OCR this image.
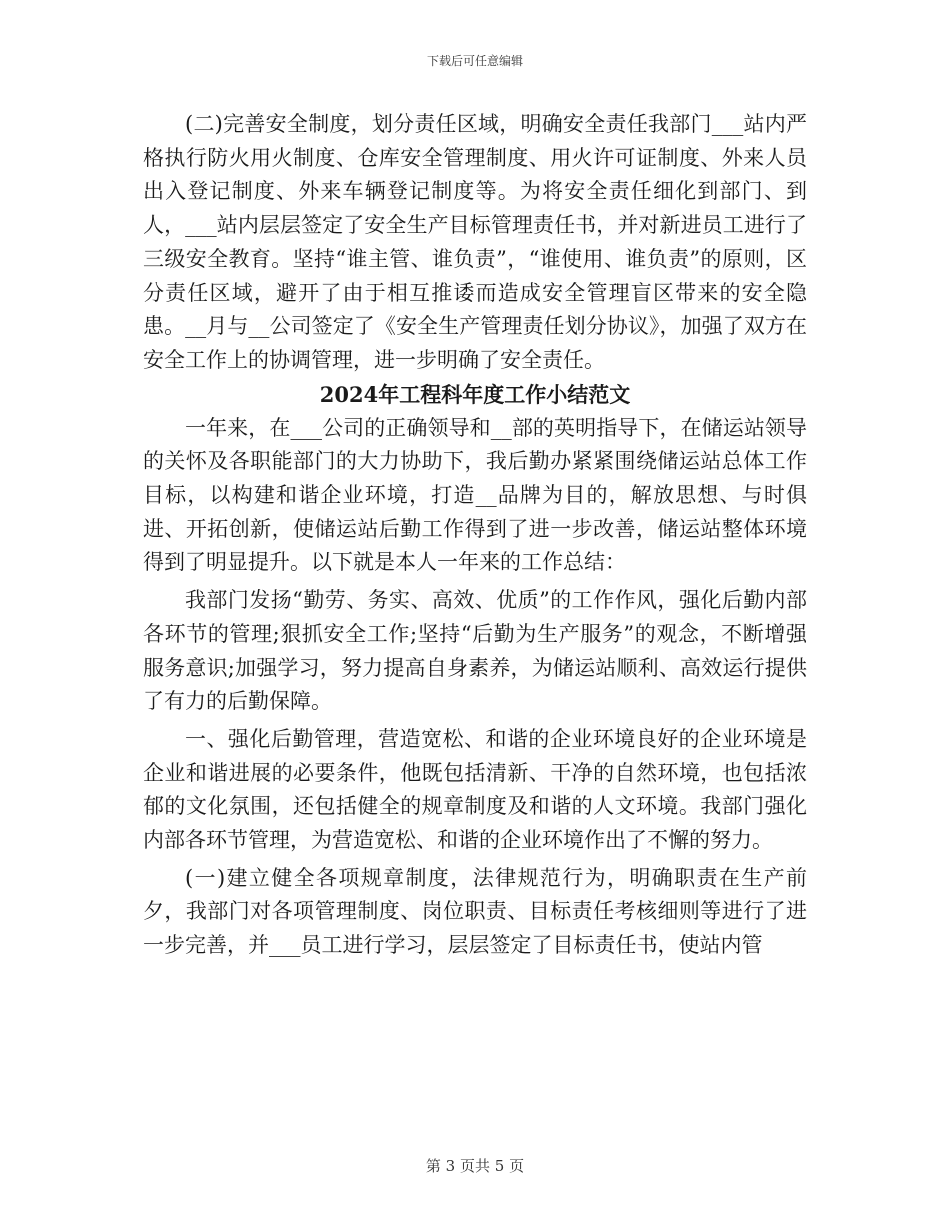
下载后可任意编辑

(二)完善安全制度，划分责任区域，明确安全责任我部门___站内严格执行防火用火制度、仓库安全管理制度、用火许可证制度、外来人员出入登记制度、外来车辆登记制度等。为将安全责任细化到部门、到人，___站内层层签定了安全生产目标管理责任书，并对新进员工进行了三级安全教育。坚持“谁主管、谁负责”，“谁使用、谁负责”的原则，区分责任区域，避开了由于相互推诿而造成安全管理盲区带来的安全隐患。__月与__公司签定了《安全生产管理责任划分协议》，加强了双方在安全工作上的协调管理，进一步明确了安全责任。

2024年工程科年度工作小结范文

一年来，在___公司的正确领导和__部的英明指导下，在储运站领导的关怀及各职能部门的大力协助下，我后勤办紧紧围绕储运站总体工作目标，以构建和谐企业环境，打造__品牌为目的，解放思想、与时俱进、开拓创新，使储运站后勤工作得到了进一步改善，储运站整体环境得到了明显提升。以下就是本人一年来的工作总结：

我部门发扬“勤劳、务实、高效、优质”的工作作风，强化后勤内部各环节的管理;狠抓安全工作;坚持“后勤为生产服务”的观念，不断增强服务意识;加强学习，努力提高自身素养，为储运站顺利、高效运行提供了有力的后勤保障。

一、强化后勤管理，营造宽松、和谐的企业环境良好的企业环境是企业和谐进展的必要条件，他既包括清新、干净的自然环境，也包括浓郁的文化氛围，还包括健全的规章制度及和谐的人文环境。我部门强化内部各环节管理，为营造宽松、和谐的企业环境作出了不懈的努力。

(一)建立健全各项规章制度，法律规范行为，明确职责在生产前夕，我部门对各项管理制度、岗位职责、目标责任考核细则等进行了进一步完善，并___员工进行学习，层层签定了目标责任书，使站内管

第 3 页共 5 页
